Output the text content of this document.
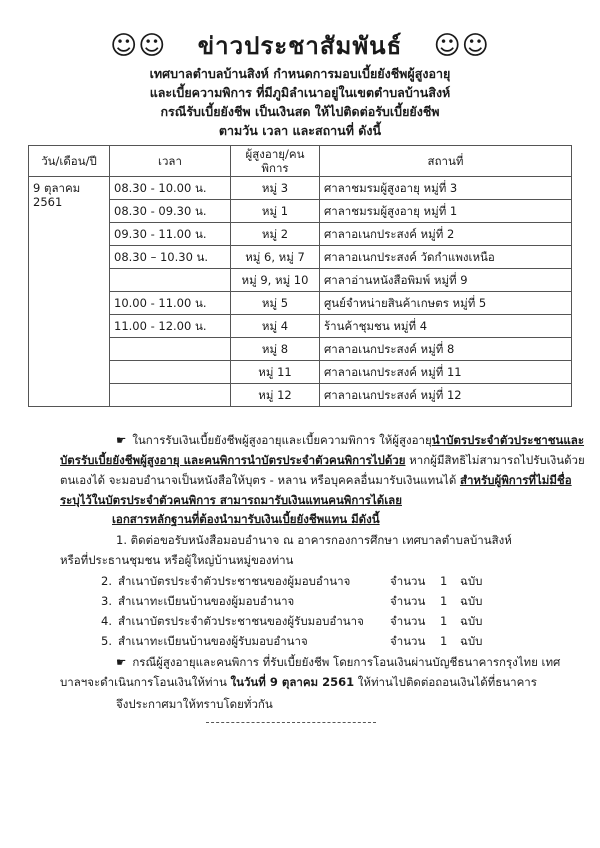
☺☺ ข่าวประชาสัมพันธ์ ☺☺
เทศบาลตำบลบ้านสิงห์ กำหนดการมอบเบี้ยยังชีพผู้สูงอายุ
และเบี้ยความพิการ ที่มีภูมิลำเนาอยู่ในเขตตำบลบ้านสิงห์
กรณีรับเบี้ยยังชีพ เป็นเงินสด ให้ไปติดต่อรับเบี้ยยังชีพ
ตามวัน เวลา และสถานที่ ดังนี้
วัน/เดือน/ปี	เวลา	ผู้สูงอายุ/คนพิการ	สถานที่
9 ตุลาคม 2561	08.30 - 10.00 น.	หมู่ 3	ศาลาชมรมผู้สูงอายุ หมู่ที่ 3
	08.30 - 09.30 น.	หมู่ 1	ศาลาชมรมผู้สูงอายุ หมู่ที่ 1
	09.30 - 11.00 น.	หมู่ 2	ศาลาอเนกประสงค์ หมู่ที่ 2
	08.30 – 10.30 น.	หมู่ 6, หมู่ 7	ศาลาอเนกประสงค์ วัดกำแพงเหนือ
		หมู่ 9, หมู่ 10	ศาลาอ่านหนังสือพิมพ์ หมู่ที่ 9
	10.00 - 11.00 น.	หมู่ 5	ศูนย์จำหน่ายสินค้าเกษตร หมู่ที่ 5
	11.00 - 12.00 น.	หมู่ 4	ร้านค้าชุมชน หมู่ที่ 4
		หมู่ 8	ศาลาอเนกประสงค์ หมู่ที่ 8
		หมู่ 11	ศาลาอเนกประสงค์ หมู่ที่ 11
		หมู่ 12	ศาลาอเนกประสงค์ หมู่ที่ 12
☛ ในการรับเงินเบี้ยยังชีพผู้สูงอายุและเบี้ยความพิการ ให้ผู้สูงอายุนำบัตรประจำตัวประชาชนและบัตรรับเบี้ยยังชีพผู้สูงอายุ และคนพิการนำบัตรประจำตัวคนพิการไปด้วย หากผู้มีสิทธิไม่สามารถไปรับเงินด้วยตนเองได้ จะมอบอำนาจเป็นหนังสือให้บุตร - หลาน หรือบุคคลอื่นมารับเงินแทนได้ สำหรับผู้พิการที่ไม่มีชื่อระบุไว้ในบัตรประจำตัวคนพิการ สามารถมารับเงินแทนคนพิการได้เลย
เอกสารหลักฐานที่ต้องนำมารับเงินเบี้ยยังชีพแทน มีดังนี้
1. ติดต่อขอรับหนังสือมอบอำนาจ ณ อาคารกองการศึกษา เทศบาลตำบลบ้านสิงห์
หรือที่ประธานชุมชน หรือผู้ใหญ่บ้านหมู่ของท่าน
2. สำเนาบัตรประจำตัวประชาชนของผู้มอบอำนาจ	จำนวน 1 ฉบับ
3. สำเนาทะเบียนบ้านของผู้มอบอำนาจ	จำนวน 1 ฉบับ
4. สำเนาบัตรประจำตัวประชาชนของผู้รับมอบอำนาจ จำนวน 1 ฉบับ
5. สำเนาทะเบียนบ้านของผู้รับมอบอำนาจ	จำนวน 1 ฉบับ
☛ กรณีผู้สูงอายุและคนพิการ ที่รับเบี้ยยังชีพ โดยการโอนเงินผ่านบัญชีธนาคารกรุงไทย เทศบาลฯจะดำเนินการโอนเงินให้ท่าน ในวันที่ 9 ตุลาคม 2561 ให้ท่านไปติดต่อถอนเงินได้ที่ธนาคาร
จึงประกาศมาให้ทราบโดยทั่วกัน
